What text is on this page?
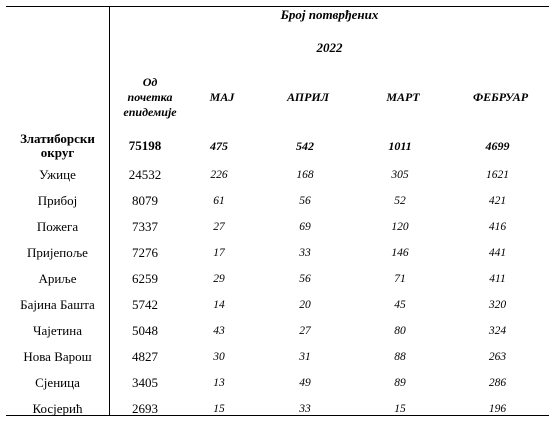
Број потврђених
2022
Од почетка епидемије
МАЈ	АПРИЛ	МАРТ	ФЕБРУАР
Златиборски округ	75198	475	542	1011	4699
Ужице	24532	226	168	305	1621
Прибој	8079	61	56	52	421
Пожега	7337	27	69	120	416
Пријепоље	7276	17	33	146	441
Ариље	6259	29	56	71	411
Бајина Башта	5742	14	20	45	320
Чајетина	5048	43	27	80	324
Нова Варош	4827	30	31	88	263
Сјеница	3405	13	49	89	286
Косјерић	2693	15	33	15	196
